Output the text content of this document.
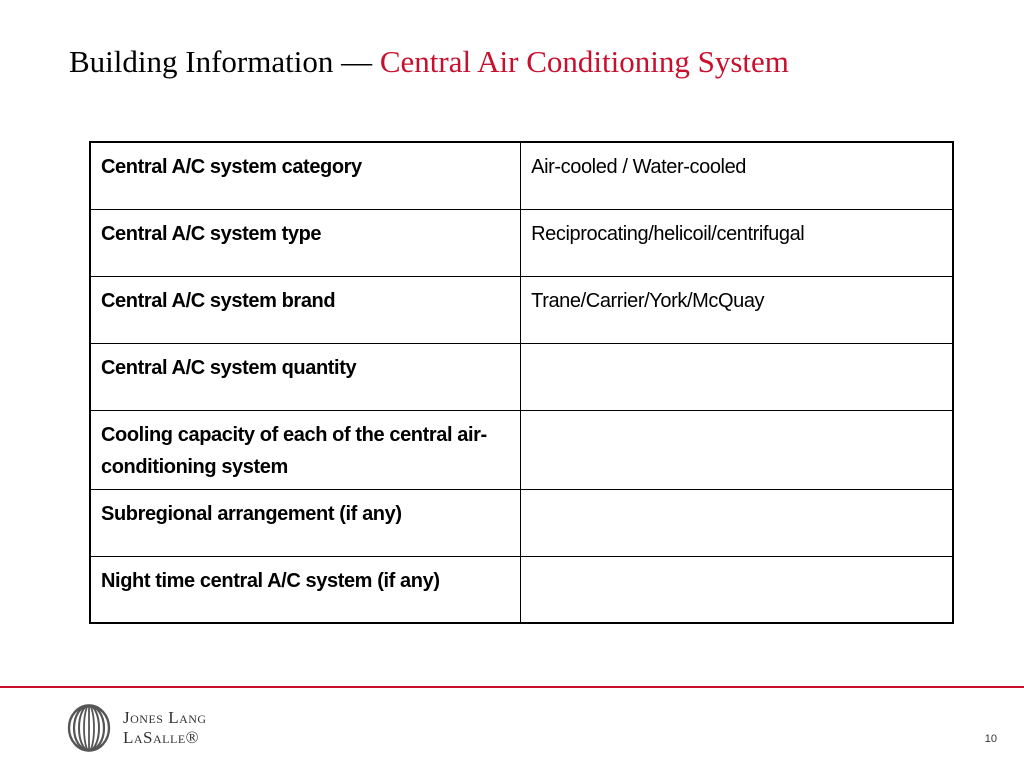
Building Information — Central Air Conditioning System
Central A/C system category	Air-cooled / Water-cooled
Central A/C system type	Reciprocating/helicoil/centrifugal
Central A/C system brand	Trane/Carrier/York/McQuay
Central A/C system quantity	
Cooling capacity of each of the central air-conditioning system	
Subregional arrangement (if any)	
Night time central A/C system (if any)	
Jones Lang
LaSalle®	10
